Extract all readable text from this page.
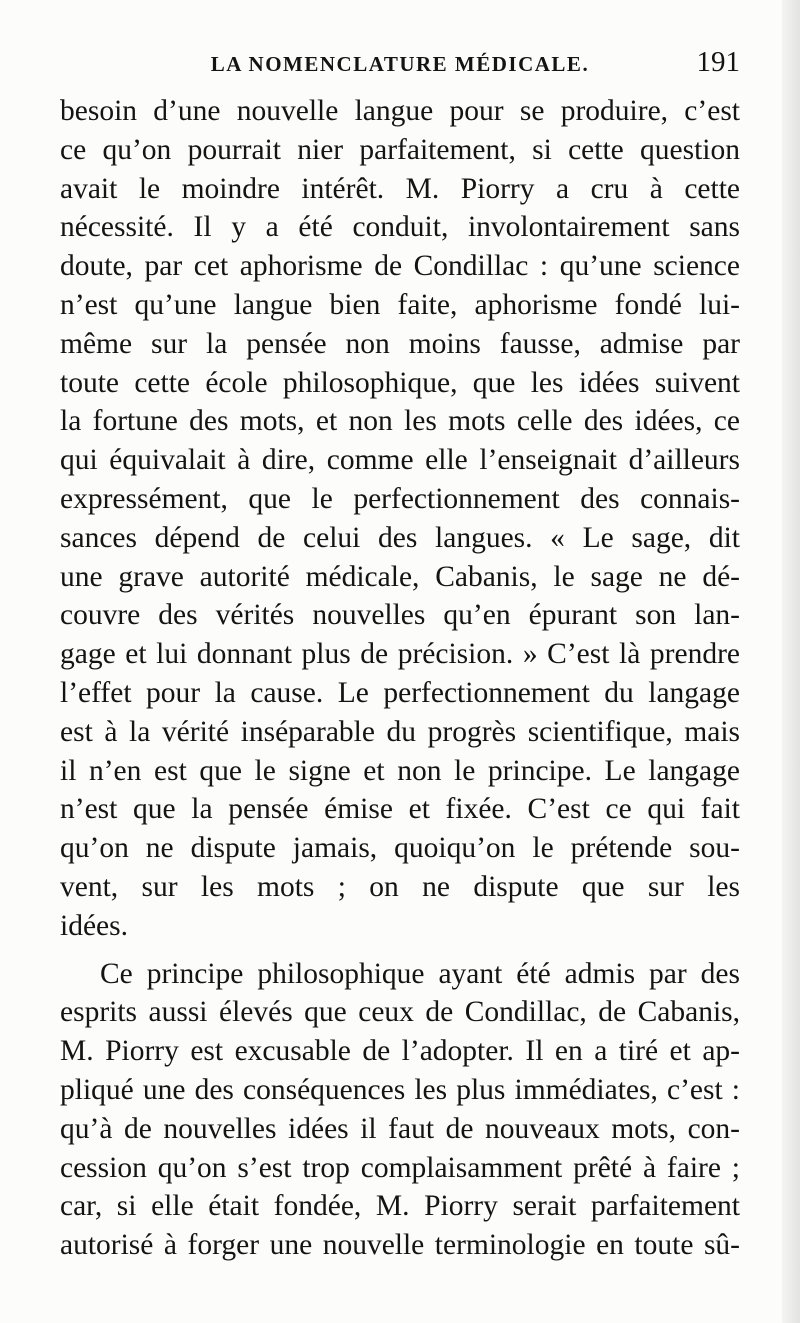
LA NOMENCLATURE MÉDICALE.	191
besoin d’une nouvelle langue pour se produire, c’est
ce qu’on pourrait nier parfaitement, si cette question
avait le moindre intérêt. M. Piorry a cru à cette
nécessité. Il y a été conduit, involontairement sans
doute, par cet aphorisme de Condillac : qu’une science
n’est qu’une langue bien faite, aphorisme fondé lui-
même sur la pensée non moins fausse, admise par
toute cette école philosophique, que les idées suivent
la fortune des mots, et non les mots celle des idées, ce
qui équivalait à dire, comme elle l’enseignait d’ailleurs
expressément, que le perfectionnement des connais-
sances dépend de celui des langues. « Le sage, dit
une grave autorité médicale, Cabanis, le sage ne dé-
couvre des vérités nouvelles qu’en épurant son lan-
gage et lui donnant plus de précision. » C’est là prendre
l’effet pour la cause. Le perfectionnement du langage
est à la vérité inséparable du progrès scientifique, mais
il n’en est que le signe et non le principe. Le langage
n’est que la pensée émise et fixée. C’est ce qui fait
qu’on ne dispute jamais, quoiqu’on le prétende sou-
vent, sur les mots ; on ne dispute que sur les
idées.
Ce principe philosophique ayant été admis par des
esprits aussi élevés que ceux de Condillac, de Cabanis,
M. Piorry est excusable de l’adopter. Il en a tiré et ap-
pliqué une des conséquences les plus immédiates, c’est :
qu’à de nouvelles idées il faut de nouveaux mots, con-
cession qu’on s’est trop complaisamment prêté à faire ;
car, si elle était fondée, M. Piorry serait parfaitement
autorisé à forger une nouvelle terminologie en toute sû-
